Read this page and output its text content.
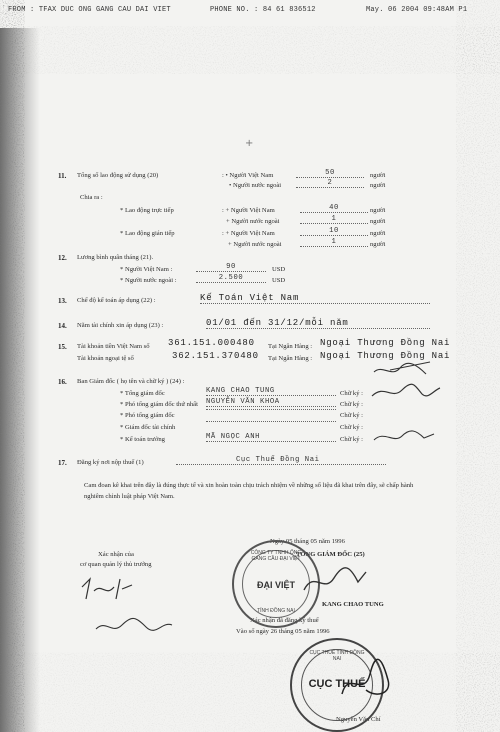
FROM : TFAX DUC ONG GANG CAU DAI VIET	PHONE NO. : 84 61 836512	May. 06 2004 09:48AM P1
+
11. Tổng số lao động sử dụng (20)	: • Người Việt Nam	50	người
• Người nước ngoài	2	người
Chia ra :
* Lao động trực tiếp	: + Người Việt Nam	40	người
+ Người nước ngoài	1	người
* Lao động gián tiếp	: + Người Việt Nam	10	người
+ Người nước ngoài	1	người
12. Lương bình quân tháng (21).
* Người Việt Nam :	90	USD
* Người nước ngoài :	2.500	USD
13. Chế độ kế toán áp dụng (22) :	Kế Toán Việt Nam
14. Năm tài chính xin áp dụng (23) :	01/01 đến 31/12/mỗi năm
15. Tài khoản tiền Việt Nam số 361.151.000480 Tại Ngân Hàng : Ngoại Thương Đồng Nai
Tài khoản ngoại tệ số	362.151.370480 Tại Ngân Hàng : Ngoại Thương Đồng Nai
16. Ban Giám đốc ( họ tên và chữ ký ) (24) :
* Tổng giám đốc	KANG CHAO TUNG	Chữ ký :
* Phó tổng giám đốc thứ nhất NGUYỄN VĂN KHOA	Chữ ký :
* Phó tổng giám đốc	Chữ ký :
* Giám đốc tài chính	Chữ ký :
* Kế toán trưởng	MÃ NGỌC ANH	Chữ ký :
17. Đăng ký nơi nộp thuế (1)	Cục Thuế Đồng Nai
Cam đoan kê khai trên đây là đúng thực tế và xin hoàn toàn chịu trách nhiệm về những số liệu đã khai trên đây, sẽ chấp hành nghiêm chỉnh luật pháp Việt Nam.
Ngày 05 tháng 05 năm 1996
TỔNG GIÁM ĐỐC (25)
Xác nhận của
cơ quan quản lý thủ trưởng
KANG CHAO TUNG
Xác nhận đã đăng ký thuế
Vào số ngày 26 tháng 05 năm 1996
Nguyễn Văn Chí
CÔNG TY TNHH ỐNG GANG CẦU ĐẠI VIỆT
ĐẠI VIỆT
TỈNH ĐỒNG NAI
CỤC THUẾ TỈNH ĐỒNG NAI
CỤC THUẾ
